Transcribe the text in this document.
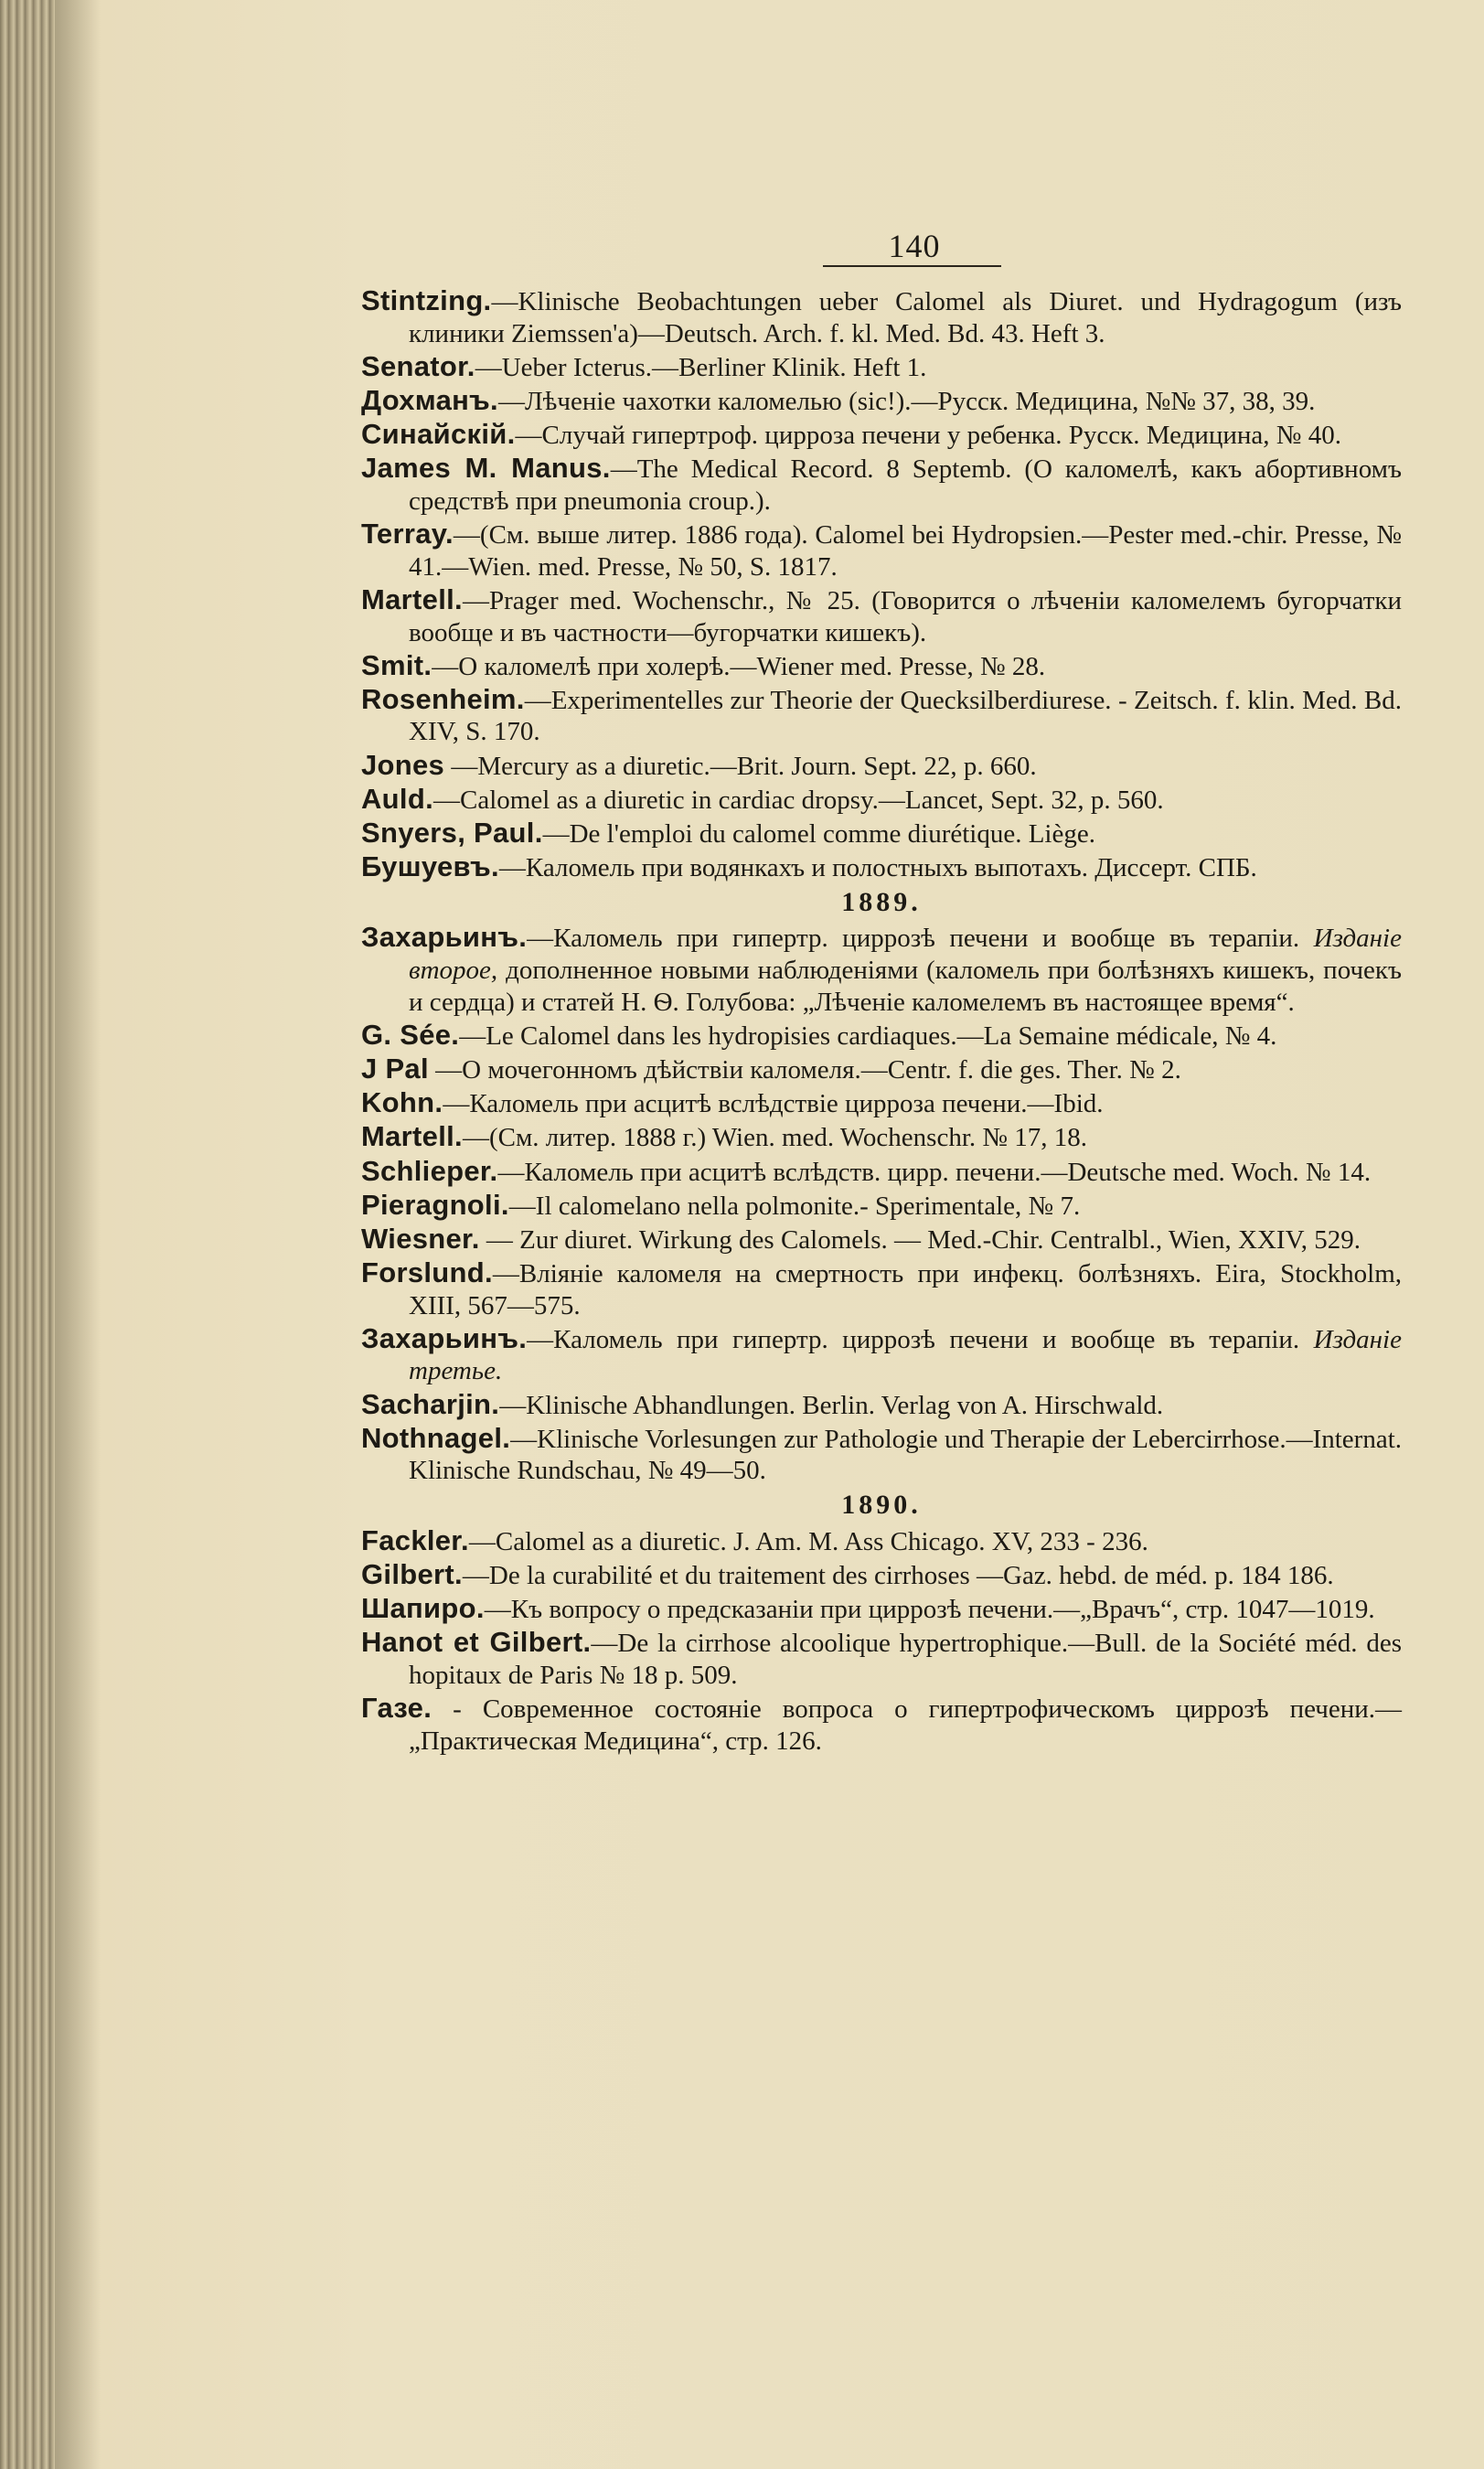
140

Stintzing.—Klinische Beobachtungen ueber Calomel als Diuret. und Hydragogum (изъ клиники Ziemssen'a)—Deutsch. Arch. f. kl. Med. Bd. 43. Heft 3.

Senator.—Ueber Icterus.—Berliner Klinik. Heft 1.

Дохманъ.—Лѣченіе чахотки каломелью (sic!).—Русск. Медицина, №№ 37, 38, 39.

Синайскій.—Случай гипертроф. цирроза печени у ребенка. Русск. Медицина, № 40.

James M. Manus.—The Medical Record. 8 Septemb. (О каломелѣ, какъ абортивномъ средствѣ при pneumonia croup.).

Terray.—(См. выше литер. 1886 года). Calomel bei Hydropsien.—Pester med.-chir. Presse, № 41.—Wien. med. Presse, № 50, S. 1817.

Martell.—Prager med. Wochenschr., № 25. (Говорится о лѣченіи каломелемъ бугорчатки вообще и въ частности—бугорчатки кишекъ).

Smit.—О каломелѣ при холерѣ.—Wiener med. Presse, № 28.

Rosenheim.—Experimentelles zur Theorie der Quecksilberdiurese. - Zeitsch. f. klin. Med. Bd. XIV, S. 170.

Jones —Mercury as a diuretic.—Brit. Journ. Sept. 22, p. 660.

Auld.—Calomel as a diuretic in cardiac dropsy.—Lancet, Sept. 32, p. 560.

Snyers, Paul.—De l'emploi du calomel comme diurétique. Liège.

Бушуевъ.—Каломель при водянкахъ и полостныхъ выпотахъ. Диссерт. СПБ.

1889.

Захарьинъ.—Каломель при гипертр. циррозѣ печени и вообще въ терапіи. Изданіе второе, дополненное новыми наблюденіями (каломель при болѣзняхъ кишекъ, почекъ и сердца) и статей Н. Ѳ. Голубова: „Лѣченіе каломелемъ въ настоящее время“.

G. Sée.—Le Calomel dans les hydropisies cardiaques.—La Semaine médicale, № 4.

J Pal —О мочегонномъ дѣйствіи каломеля.—Centr. f. die ges. Ther. № 2.

Kohn.—Каломель при асцитѣ вслѣдствіе цирроза печени.—Ibid.

Martell.—(См. литер. 1888 г.) Wien. med. Wochenschr. № 17, 18.

Schlieper.—Каломель при асцитѣ вслѣдств. цирр. печени.—Deutsche med. Woch. № 14.

Pieragnoli.—Il calomelano nella polmonite.- Sperimentale, № 7.

Wiesner. — Zur diuret. Wirkung des Calomels. — Med.-Chir. Centralbl., Wien, XXIV, 529.

Forslund.—Вліяніе каломеля на смертность при инфекц. болѣзняхъ. Eira, Stockholm, XIII, 567—575.

Захарьинъ.—Каломель при гипертр. циррозѣ печени и вообще въ терапіи. Изданіе третье.

Sacharjin.—Klinische Abhandlungen. Berlin. Verlag von A. Hirschwald.

Nothnagel.—Klinische Vorlesungen zur Pathologie und Therapie der Lebercirrhose.—Internat. Klinische Rundschau, № 49—50.

1890.

Fackler.—Calomel as a diuretic. J. Am. M. Ass Chicago. XV, 233 - 236.

Gilbert.—De la curabilité et du traitement des cirrhoses —Gaz. hebd. de méd. p. 184 186.

Шапиро.—Къ вопросу о предсказаніи при циррозѣ печени.—„Врачъ“, стр. 1047—1019.

Hanot et Gilbert.—De la cirrhose alcoolique hypertrophique.—Bull. de la Société méd. des hopitaux de Paris № 18 p. 509.

Газе. - Современное состояніе вопроса о гипертрофическомъ циррозѣ печени.—„Практическая Медицина“, стр. 126.
